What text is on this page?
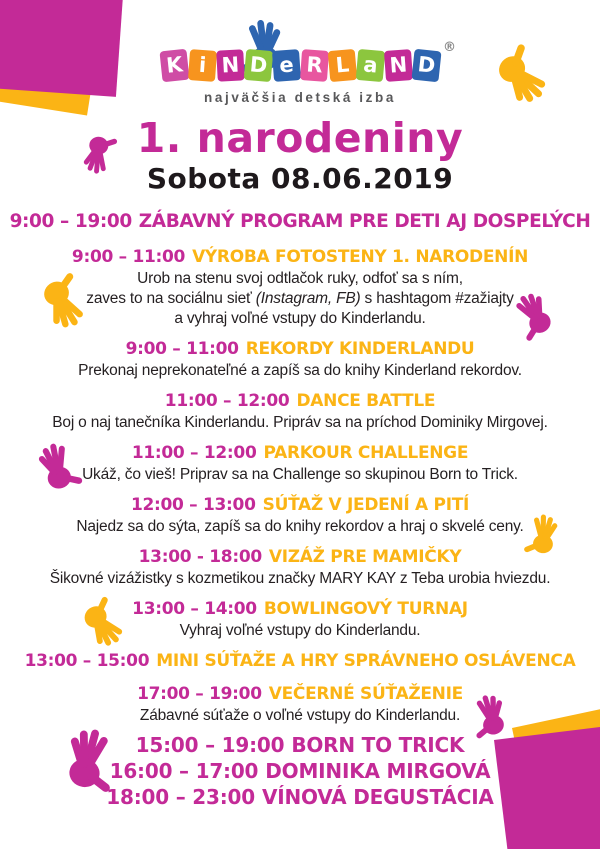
K i N D e R L a N D
®
najväčšia detská izba
1. narodeniny
Sobota 08.06.2019
9:00 – 19:00 ZÁBAVNÝ PROGRAM PRE DETI AJ DOSPELÝCH
9:00 – 11:00 VÝROBA FOTOSTENY 1. NARODENÍN
Urob na stenu svoj odtlačok ruky, odfoť sa s ním,
zaves to na sociálnu sieť (Instagram, FB) s hashtagom #zažiajty
a vyhraj voľné vstupy do Kinderlandu.
9:00 – 11:00 REKORDY KINDERLANDU
Prekonaj neprekonateľné a zapíš sa do knihy Kinderland rekordov.
11:00 – 12:00 DANCE BATTLE
Boj o naj tanečníka Kinderlandu. Pripráv sa na príchod Dominiky Mirgovej.
11:00 – 12:00 PARKOUR CHALLENGE
Ukáž, čo vieš! Priprav sa na Challenge so skupinou Born to Trick.
12:00 – 13:00 SÚŤAŽ V JEDENÍ A PITÍ
Najedz sa do sýta, zapíš sa do knihy rekordov a hraj o skvelé ceny.
13:00 - 18:00 VIZÁŽ PRE MAMIČKY
Šikovné vizážistky s kozmetikou značky MARY KAY z Teba urobia hviezdu.
13:00 – 14:00 BOWLINGOVÝ TURNAJ
Vyhraj voľné vstupy do Kinderlandu.
13:00 – 15:00 MINI SÚŤAŽE A HRY SPRÁVNEHO OSLÁVENCA
17:00 – 19:00 VEČERNÉ SÚŤAŽENIE
Zábavné súťaže o voľné vstupy do Kinderlandu.
15:00 – 19:00 BORN TO TRICK
16:00 – 17:00 DOMINIKA MIRGOVÁ
18:00 – 23:00 VÍNOVÁ DEGUSTÁCIA
